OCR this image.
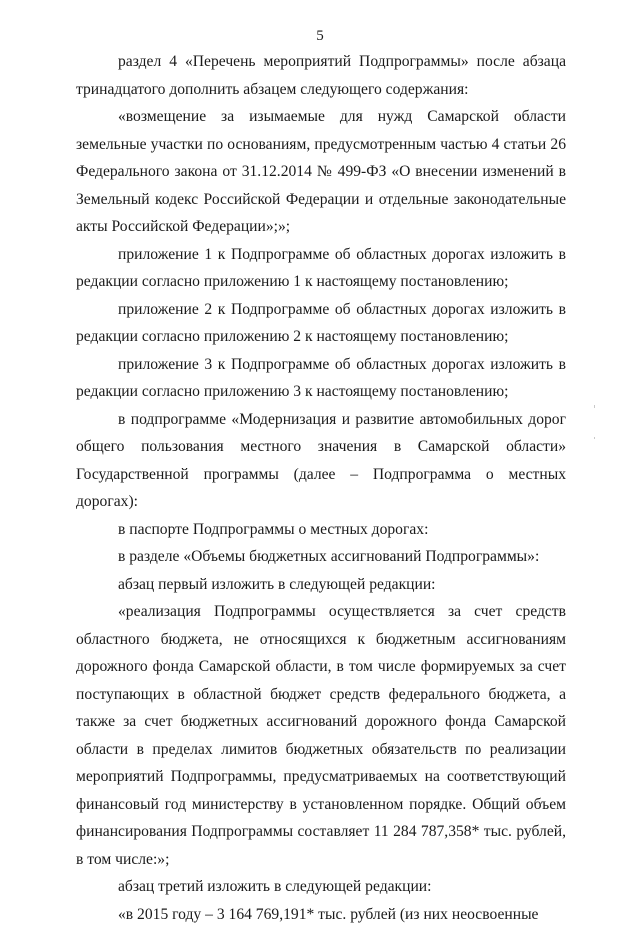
5

раздел 4 «Перечень мероприятий Подпрограммы» после абзаца тринадцатого дополнить абзацем следующего содержания:

«возмещение за изымаемые для нужд Самарской области земельные участки по основаниям, предусмотренным частью 4 статьи 26 Федерального закона от 31.12.2014 № 499-ФЗ «О внесении изменений в Земельный кодекс Российской Федерации и отдельные законодательные акты Российской Федерации»;»;

приложение 1 к Подпрограмме об областных дорогах изложить в редакции согласно приложению 1 к настоящему постановлению;

приложение 2 к Подпрограмме об областных дорогах изложить в редакции согласно приложению 2 к настоящему постановлению;

приложение 3 к Подпрограмме об областных дорогах изложить в редакции согласно приложению 3 к настоящему постановлению;

в подпрограмме «Модернизация и развитие автомобильных дорог общего пользования местного значения в Самарской области» Государственной программы (далее – Подпрограмма о местных дорогах):

в паспорте Подпрограммы о местных дорогах:

в разделе «Объемы бюджетных ассигнований Подпрограммы»:

абзац первый изложить в следующей редакции:

«реализация Подпрограммы осуществляется за счет средств областного бюджета, не относящихся к бюджетным ассигнованиям дорожного фонда Самарской области, в том числе формируемых за счет поступающих в областной бюджет средств федерального бюджета, а также за счет бюджетных ассигнований дорожного фонда Самарской области в пределах лимитов бюджетных обязательств по реализации мероприятий Подпрограммы, предусматриваемых на соответствующий финансовый год министерству в установленном порядке. Общий объем финансирования Подпрограммы составляет 11 284 787,358* тыс. рублей, в том числе:»;

абзац третий изложить в следующей редакции:

«в 2015 году – 3 164 769,191* тыс. рублей (из них неосвоенные
